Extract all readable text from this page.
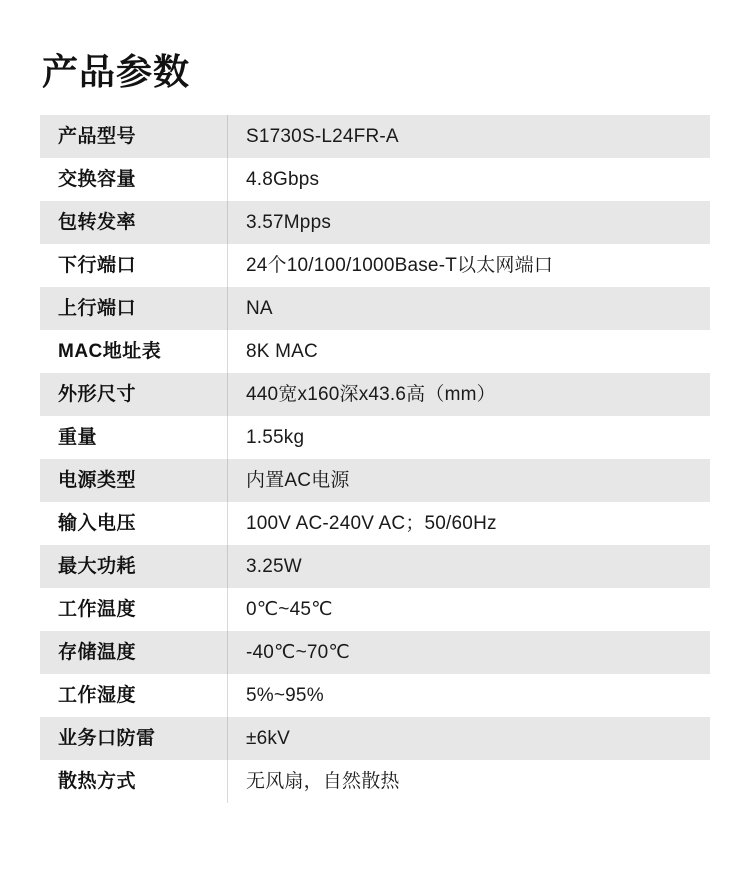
产品参数
产品型号	S1730S-L24FR-A
交换容量	4.8Gbps
包转发率	3.57Mpps
下行端口	24个10/100/1000Base-T以太网端口
上行端口	NA
MAC地址表	8K MAC
外形尺寸	440宽x160深x43.6高（mm）
重量	1.55kg
电源类型	内置AC电源
输入电压	100V AC-240V AC；50/60Hz
最大功耗	3.25W
工作温度	0℃~45℃
存储温度	-40℃~70℃
工作湿度	5%~95%
业务口防雷	±6kV
散热方式	无风扇，自然散热
